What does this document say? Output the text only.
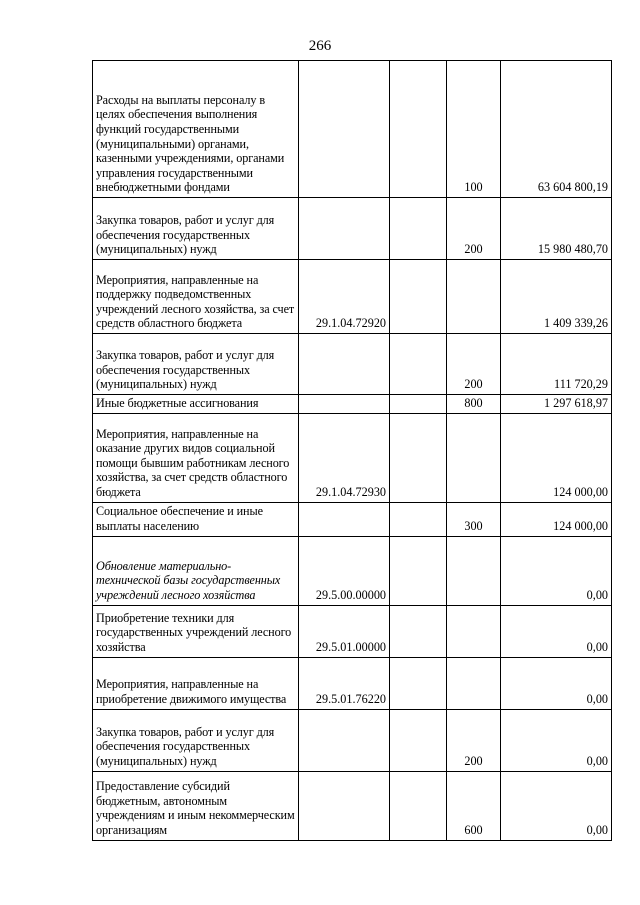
266
Расходы на выплаты персоналу в целях обеспечения выполнения функций государственными (муниципальными) органами, казенными учреждениями, органами управления государственными внебюджетными фондами			100	63 604 800,19
Закупка товаров, работ и услуг для обеспечения государственных (муниципальных) нужд			200	15 980 480,70
Мероприятия, направленные на поддержку подведомственных учреждений лесного хозяйства, за счет средств областного бюджета	29.1.04.72920			1 409 339,26
Закупка товаров, работ и услуг для обеспечения государственных (муниципальных) нужд			200	111 720,29
Иные бюджетные ассигнования			800	1 297 618,97
Мероприятия, направленные на оказание других видов социальной помощи бывшим работникам лесного хозяйства, за счет средств областного бюджета	29.1.04.72930			124 000,00
Социальное обеспечение и иные выплаты населению			300	124 000,00
Обновление материально-технической базы государственных учреждений лесного хозяйства	29.5.00.00000			0,00
Приобретение техники для государственных учреждений лесного хозяйства	29.5.01.00000			0,00
Мероприятия, направленные на приобретение движимого имущества	29.5.01.76220			0,00
Закупка товаров, работ и услуг для обеспечения государственных (муниципальных) нужд			200	0,00
Предоставление субсидий бюджетным, автономным учреждениям и иным некоммерческим организациям			600	0,00
